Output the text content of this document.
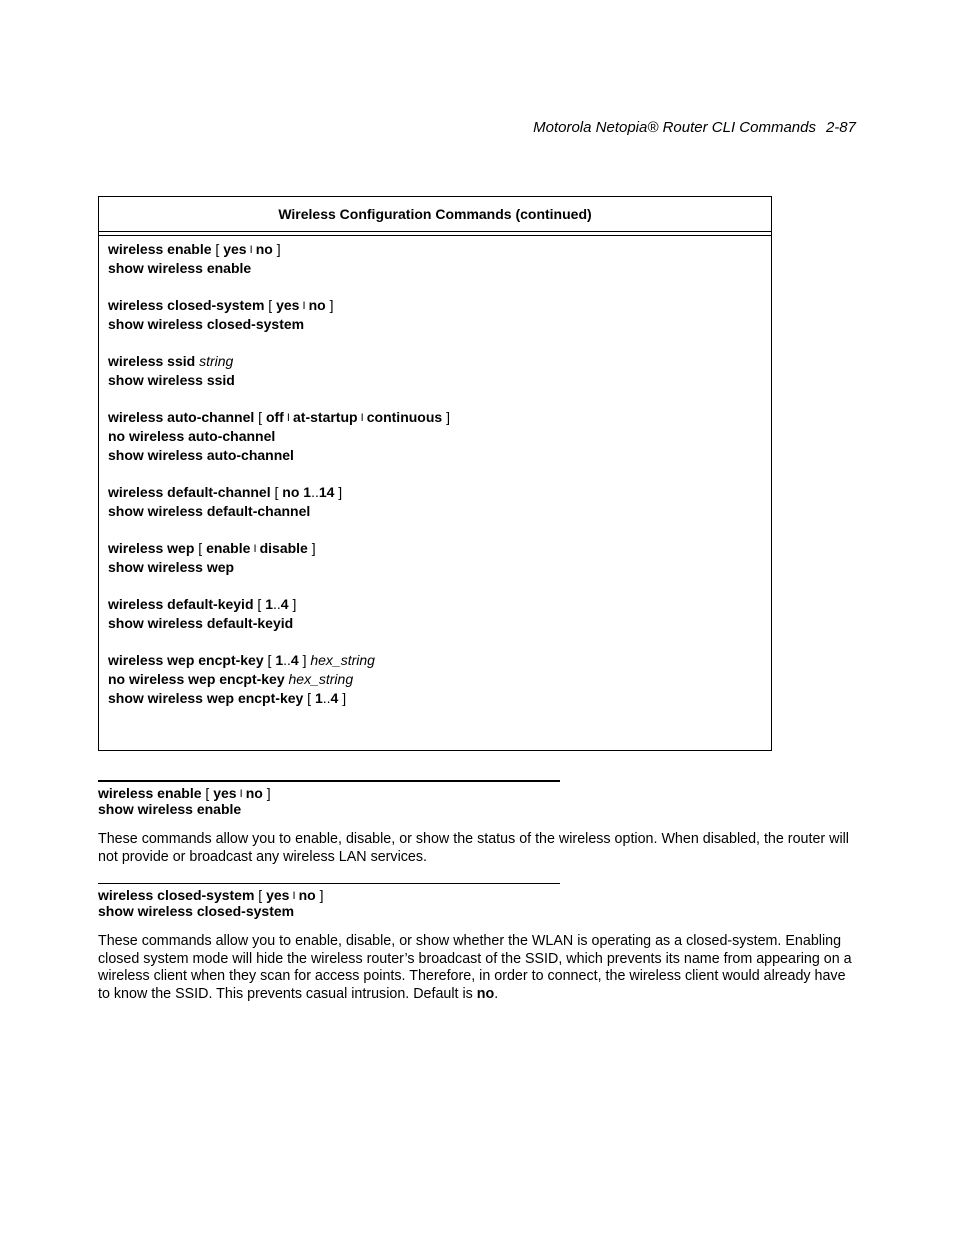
Motorola Netopia® Router CLI Commands 2-87
Wireless Configuration Commands (continued)
wireless enable [ yes I no ]
show wireless enable
wireless closed-system [ yes I no ]
show wireless closed-system
wireless ssid string
show wireless ssid
wireless auto-channel [ off I at-startup I continuous ]
no wireless auto-channel
show wireless auto-channel
wireless default-channel [ no 1..14 ]
show wireless default-channel
wireless wep [ enable I disable ]
show wireless wep
wireless default-keyid [ 1..4 ]
show wireless default-keyid
wireless wep encpt-key [ 1..4 ] hex_string
no wireless wep encpt-key hex_string
show wireless wep encpt-key [ 1..4 ]
wireless enable [ yes I no ]
show wireless enable
These commands allow you to enable, disable, or show the status of the wireless option. When disabled, the router will not provide or broadcast any wireless LAN services.
wireless closed-system [ yes I no ]
show wireless closed-system
These commands allow you to enable, disable, or show whether the WLAN is operating as a closed-system. Enabling closed system mode will hide the wireless router’s broadcast of the SSID, which prevents its name from appearing on a wireless client when they scan for access points. Therefore, in order to connect, the wireless client would already have to know the SSID. This prevents casual intrusion. Default is no.
